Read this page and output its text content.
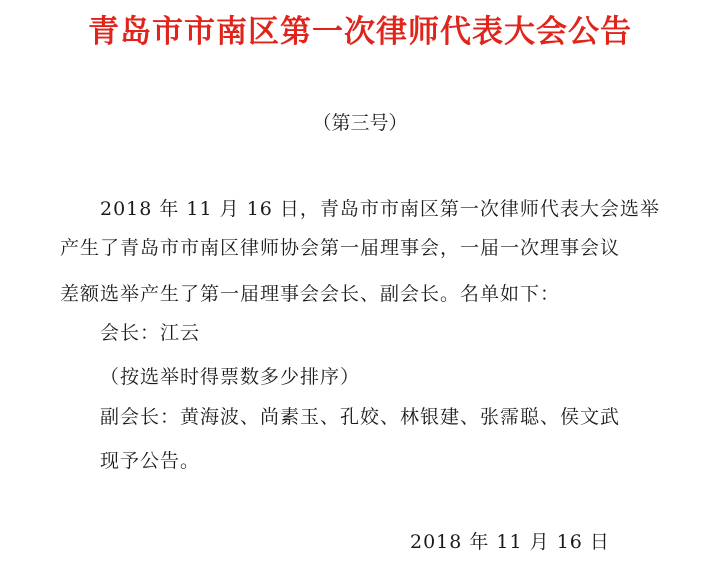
青岛市市南区第一次律师代表大会公告
（第三号）
2018 年 11 月 16 日，青岛市市南区第一次律师代表大会选举
产生了青岛市市南区律师协会第一届理事会，一届一次理事会议
差额选举产生了第一届理事会会长、副会长。名单如下：
会长：江云
（按选举时得票数多少排序）
副会长：黄海波、尚素玉、孔姣、林银建、张霈聪、侯文武
现予公告。
2018 年 11 月 16 日
